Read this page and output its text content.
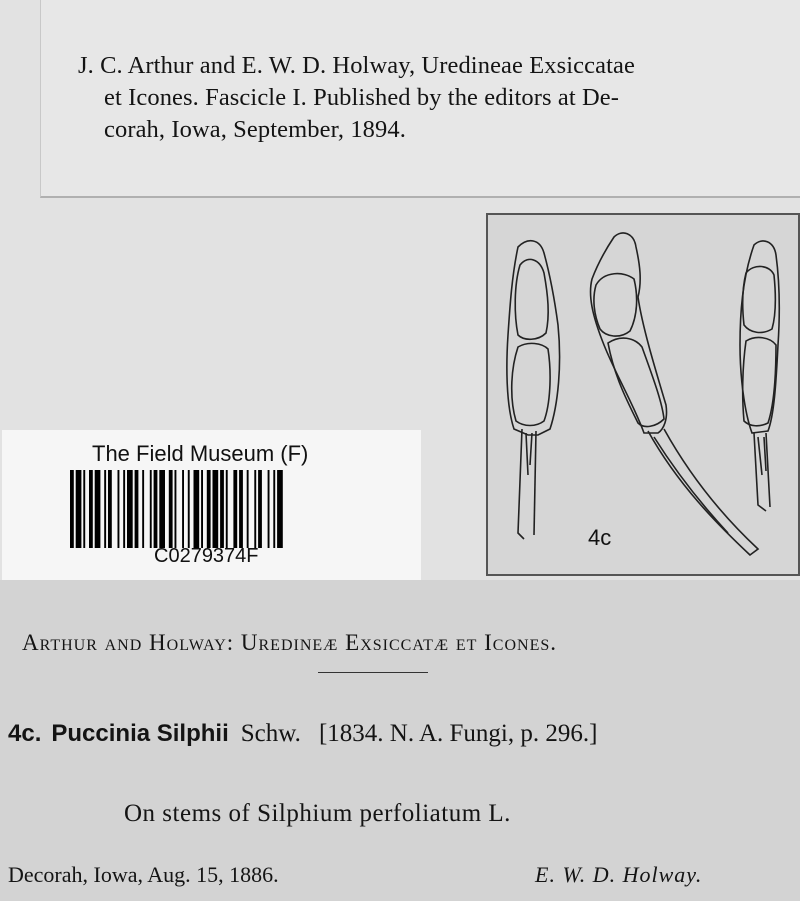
J. C. Arthur and E. W. D. Holway, Uredineae Exsiccatae
et Icones. Fascicle I. Published by the editors at De-
corah, Iowa, September, 1894.
4c
The Field Museum (F)
C0279374F
Arthur and Holway: Uredineæ Exsiccatæ et Icones.
4c. Puccinia Silphii Schw. [1834. N. A. Fungi, p. 296.]
On stems of Silphium perfoliatum L.
Decorah, Iowa, Aug. 15, 1886.	E. W. D. Holway.
